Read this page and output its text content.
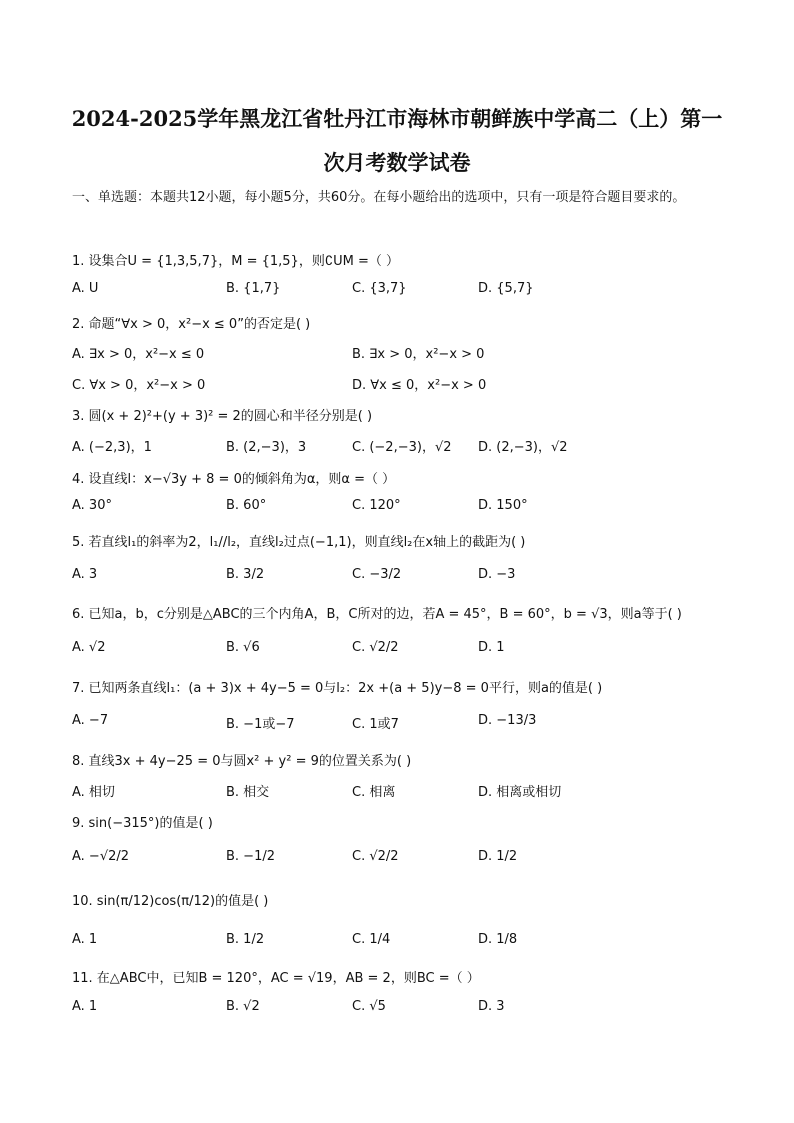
2024-2025学年黑龙江省牡丹江市海林市朝鲜族中学高二（上）第一
次月考数学试卷
一、单选题：本题共12小题，每小题5分，共60分。在每小题给出的选项中，只有一项是符合题目要求的。
1. 设集合U = {1,3,5,7}，M = {1,5}，则∁UM =（ ）
A. U	B. {1,7}	C. {3,7}	D. {5,7}
2. 命题“∀x > 0，x²−x ≤ 0”的否定是( )
A. ∃x > 0，x²−x ≤ 0	B. ∃x > 0，x²−x > 0
C. ∀x > 0，x²−x > 0	D. ∀x ≤ 0，x²−x > 0
3. 圆(x + 2)²+(y + 3)² = 2的圆心和半径分别是( )
A. (−2,3)，1	B. (2,−3)，3	C. (−2,−3)，√2 D. (2,−3)，√2
4. 设直线l：x−√3y + 8 = 0的倾斜角为α，则α =（ ）
A. 30°	B. 60°	C. 120°	D. 150°
5. 若直线l₁的斜率为2，l₁//l₂，直线l₂过点(−1,1)，则直线l₂在x轴上的截距为( )
A. 3	B. 3/2	C. −3/2	D. −3
6. 已知a，b，c分别是△ABC的三个内角A，B，C所对的边，若A = 45°，B = 60°，b = √3，则a等于( )
A. √2	B. √6	C. √2/2	D. 1
7. 已知两条直线l₁：(a + 3)x + 4y−5 = 0与l₂：2x +(a + 5)y−8 = 0平行，则a的值是( )
A. −7	B. −1或−7	C. 1或7	D. −13/3
8. 直线3x + 4y−25 = 0与圆x² + y² = 9的位置关系为( )
A. 相切	B. 相交	C. 相离	D. 相离或相切
9. sin(−315°)的值是( )
A. −√2/2	B. −1/2	C. √2/2	D. 1/2
10. sin(π/12)cos(π/12)的值是( )
A. 1	B. 1/2	C. 1/4	D. 1/8
11. 在△ABC中，已知B = 120°，AC = √19，AB = 2，则BC =（ ）
A. 1	B. √2	C. √5	D. 3
